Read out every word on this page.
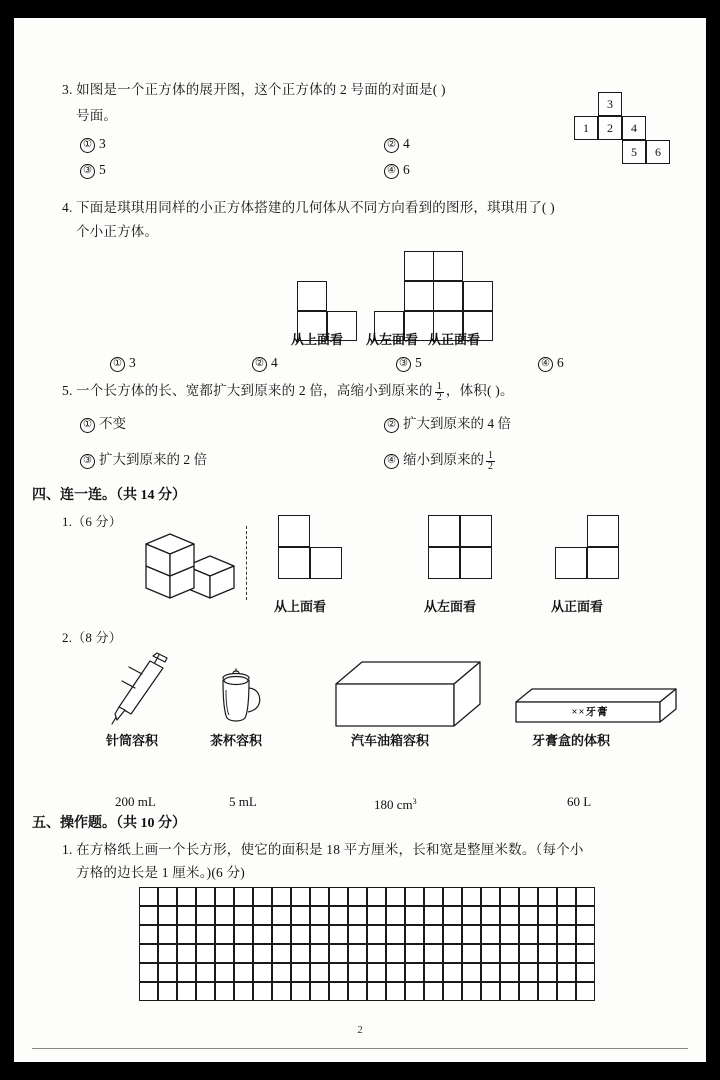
3. 如图是一个正方体的展开图，这个正方体的 2 号面的对面是( )
号面。
① 3	② 4
③ 5	④ 6
3
1	2	4
5	6
4. 下面是琪琪用同样的小正方体搭建的几何体从不同方向看到的图形，琪琪用了( )
个小正方体。
从上面看 从左面看 从正面看
① 3	② 4	③ 5	④ 6
5. 一个长方体的长、宽都扩大到原来的 2 倍，高缩小到原来的 $\frac{1}{2}$ ，体积( )。
① 不变	② 扩大到原来的 4 倍
③ 扩大到原来的 2 倍	④ 缩小到原来的 $\frac{1}{2}$
四、连一连。（共 14 分）
1.（6 分）
从上面看	从左面看	从正面看
2.（8 分）
针筒容积
200 mL
茶杯容积
5 mL
汽车油箱容积
180 $cm^3$
××牙膏
牙膏盒的体积
60 L
五、操作题。（共 10 分）
1. 在方格纸上画一个长方形，使它的面积是 18 平方厘米，长和宽是整厘米数。（每个小
方格的边长是 1 厘米。)(6 分)
2
